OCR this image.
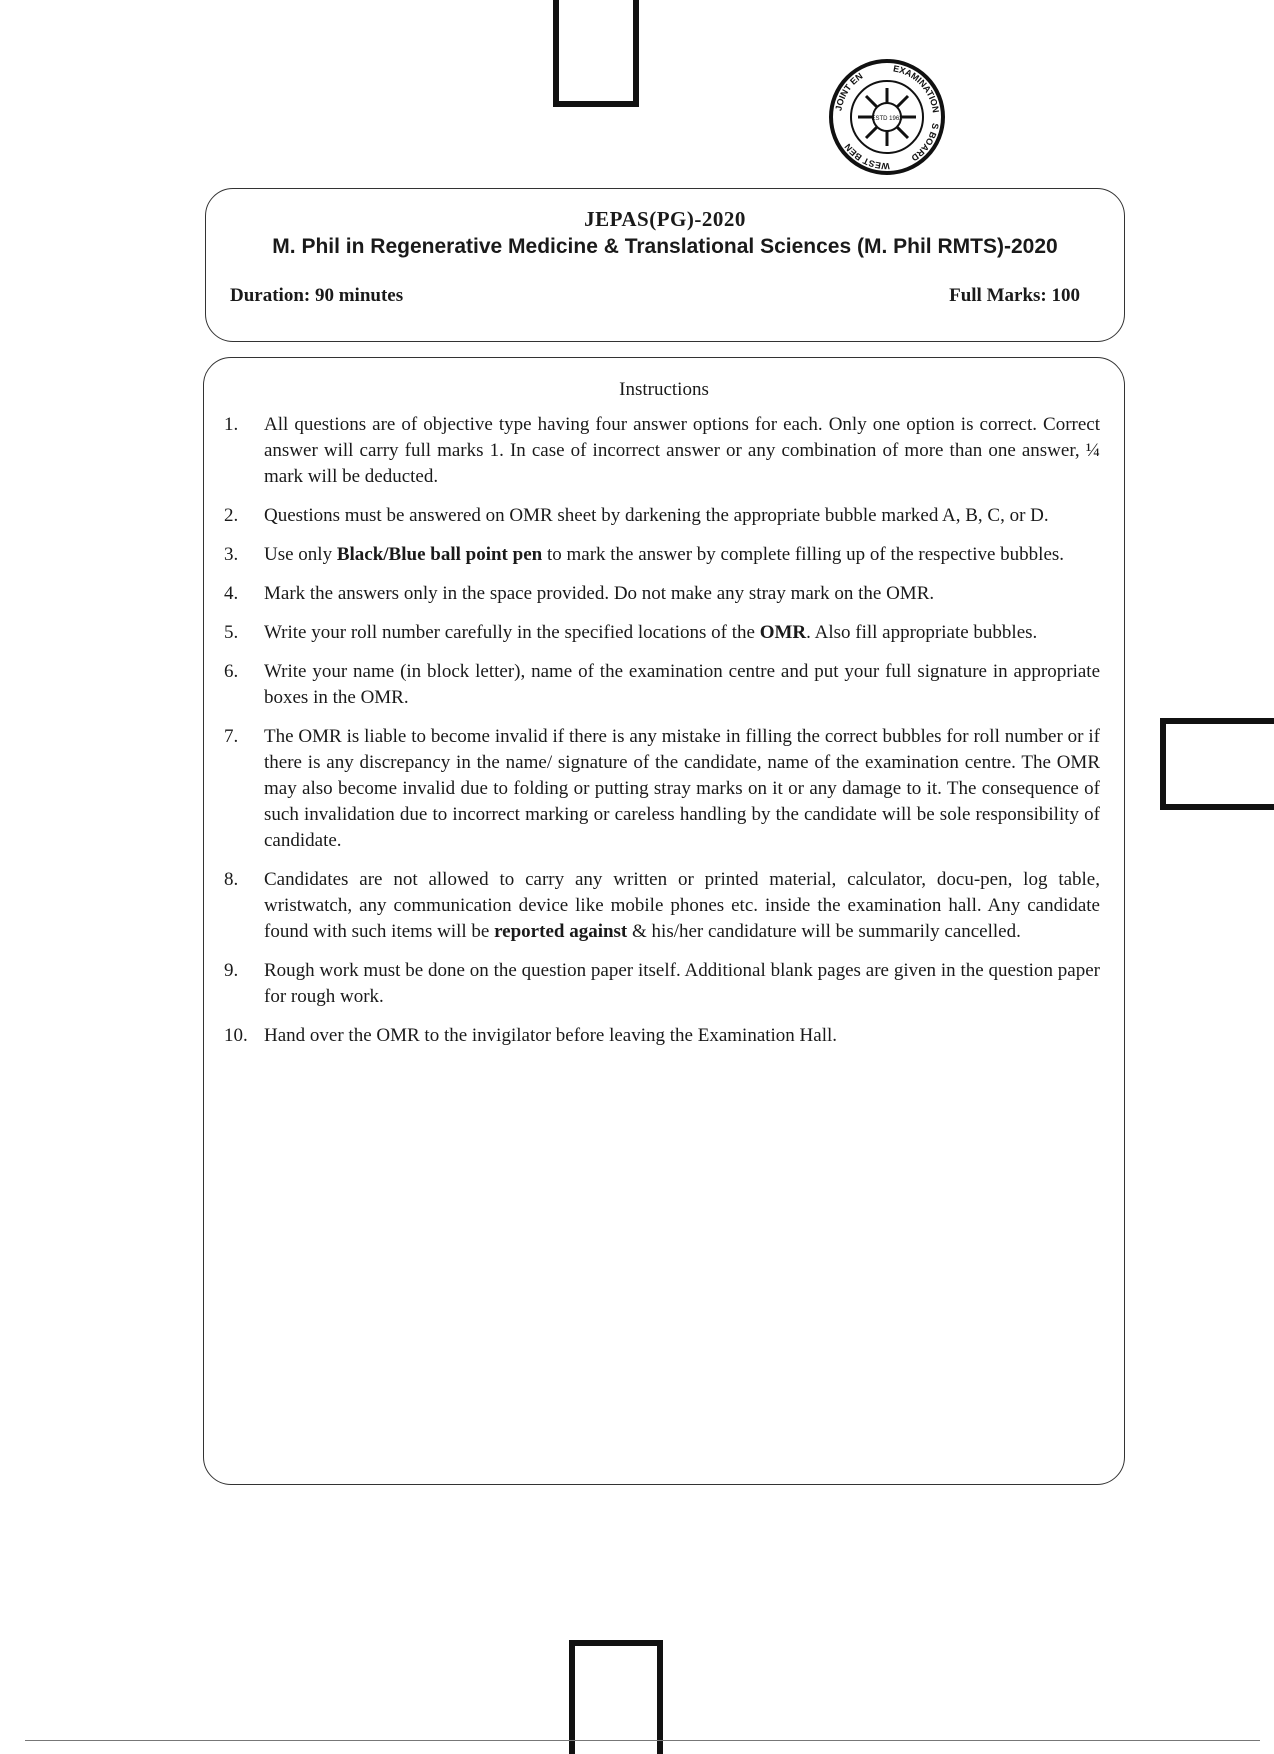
JOINT EN
EXAMINATION
S BOARD
WEST BEN
ESTD 1962
JEPAS(PG)-2020
M. Phil in Regenerative Medicine & Translational Sciences (M. Phil RMTS)-2020
Duration: 90 minutes	Full Marks: 100
Instructions
1.	All questions are of objective type having four answer options for each. Only one option is correct. Correct answer will carry full marks 1. In case of incorrect answer or any combination of more than one answer, ¼ mark will be deducted.
2.	Questions must be answered on OMR sheet by darkening the appropriate bubble marked A, B, C, or D.
3.	Use only Black/Blue ball point pen to mark the answer by complete filling up of the respective bubbles.
4.	Mark the answers only in the space provided. Do not make any stray mark on the OMR.
5.	Write your roll number carefully in the specified locations of the OMR. Also fill appropriate bubbles.
6.	Write your name (in block letter), name of the examination centre and put your full signature in appropriate boxes in the OMR.
7.	The OMR is liable to become invalid if there is any mistake in filling the correct bubbles for roll number or if there is any discrepancy in the name/ signature of the candidate, name of the examination centre. The OMR may also become invalid due to folding or putting stray marks on it or any damage to it. The consequence of such invalidation due to incorrect marking or careless handling by the candidate will be sole responsibility of candidate.
8.	Candidates are not allowed to carry any written or printed material, calculator, docu-pen, log table, wristwatch, any communication device like mobile phones etc. inside the examination hall. Any candidate found with such items will be reported against & his/her candidature will be summarily cancelled.
9.	Rough work must be done on the question paper itself. Additional blank pages are given in the question paper for rough work.
10. Hand over the OMR to the invigilator before leaving the Examination Hall.
